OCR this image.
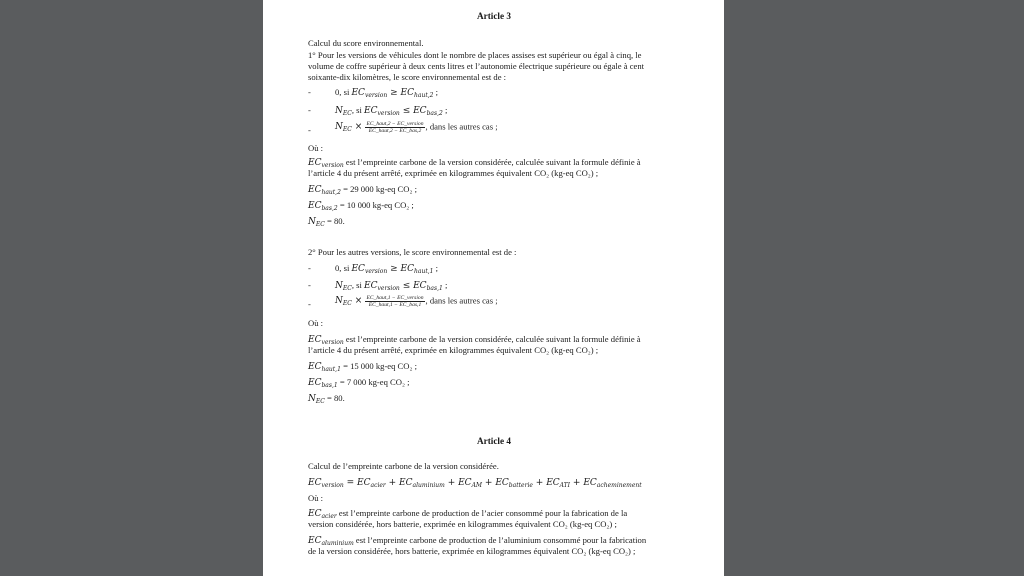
Article 3
Calcul du score environnemental.
1° Pour les versions de véhicules dont le nombre de places assises est supérieur ou égal à cinq, le
volume de coffre supérieur à deux cents litres et l’autonomie électrique supérieure ou égale à cent
soixante-dix kilomètres, le score environnemental est de :
-	0, si $EC_{version} \ge EC_{haut,2}$ ;
-	$N_{EC}$, si $EC_{version} \le EC_{bas,2}$ ;
-	$N_{EC} \times \frac{\text{EC\_haut,2 − EC\_version}}{\text{EC\_haut,2 − EC\_bas,2}}$ , dans les autres cas ;
Où :
$EC_{version}$ est l’empreinte carbone de la version considérée, calculée suivant la formule définie à
l’article 4 du présent arrêté, exprimée en kilogrammes équivalent CO₂ (kg-eq CO₂) ;
$EC_{haut,2} = 29$ 000 kg-eq CO₂ ;
$EC_{bas,2} = 10$ 000 kg-eq CO₂ ;
$N_{EC} = 80$.
2° Pour les autres versions, le score environnemental est de :
-	0, si $EC_{version} \ge EC_{haut,1}$ ;
-	$N_{EC}$, si $EC_{version} \le EC_{bas,1}$ ;
-	$N_{EC} \times \frac{\text{EC\_haut,1 − EC\_version}}{\text{EC\_haut,1 − EC\_bas,1}}$ , dans les autres cas ;
Où :
$EC_{version}$ est l’empreinte carbone de la version considérée, calculée suivant la formule définie à
l’article 4 du présent arrêté, exprimée en kilogrammes équivalent CO₂ (kg-eq CO₂) ;
$EC_{haut,1} = 15$ 000 kg-eq CO₂ ;
$EC_{bas,1} = 7$ 000 kg-eq CO₂ ;
$N_{EC} = 80$.
Article 4
Calcul de l’empreinte carbone de la version considérée.
$EC_{version} = EC_{acier} + EC_{aluminium} + EC_{AM} + EC_{batterie} + EC_{ATI} + EC_{acheminement}$
Où :
$EC_{acier}$ est l’empreinte carbone de production de l’acier consommé pour la fabrication de la
version considérée, hors batterie, exprimée en kilogrammes équivalent CO₂ (kg-eq CO₂) ;
$EC_{aluminium}$ est l’empreinte carbone de production de l’aluminium consommé pour la fabrication
de la version considérée, hors batterie, exprimée en kilogrammes équivalent CO₂ (kg-eq CO₂) ;
